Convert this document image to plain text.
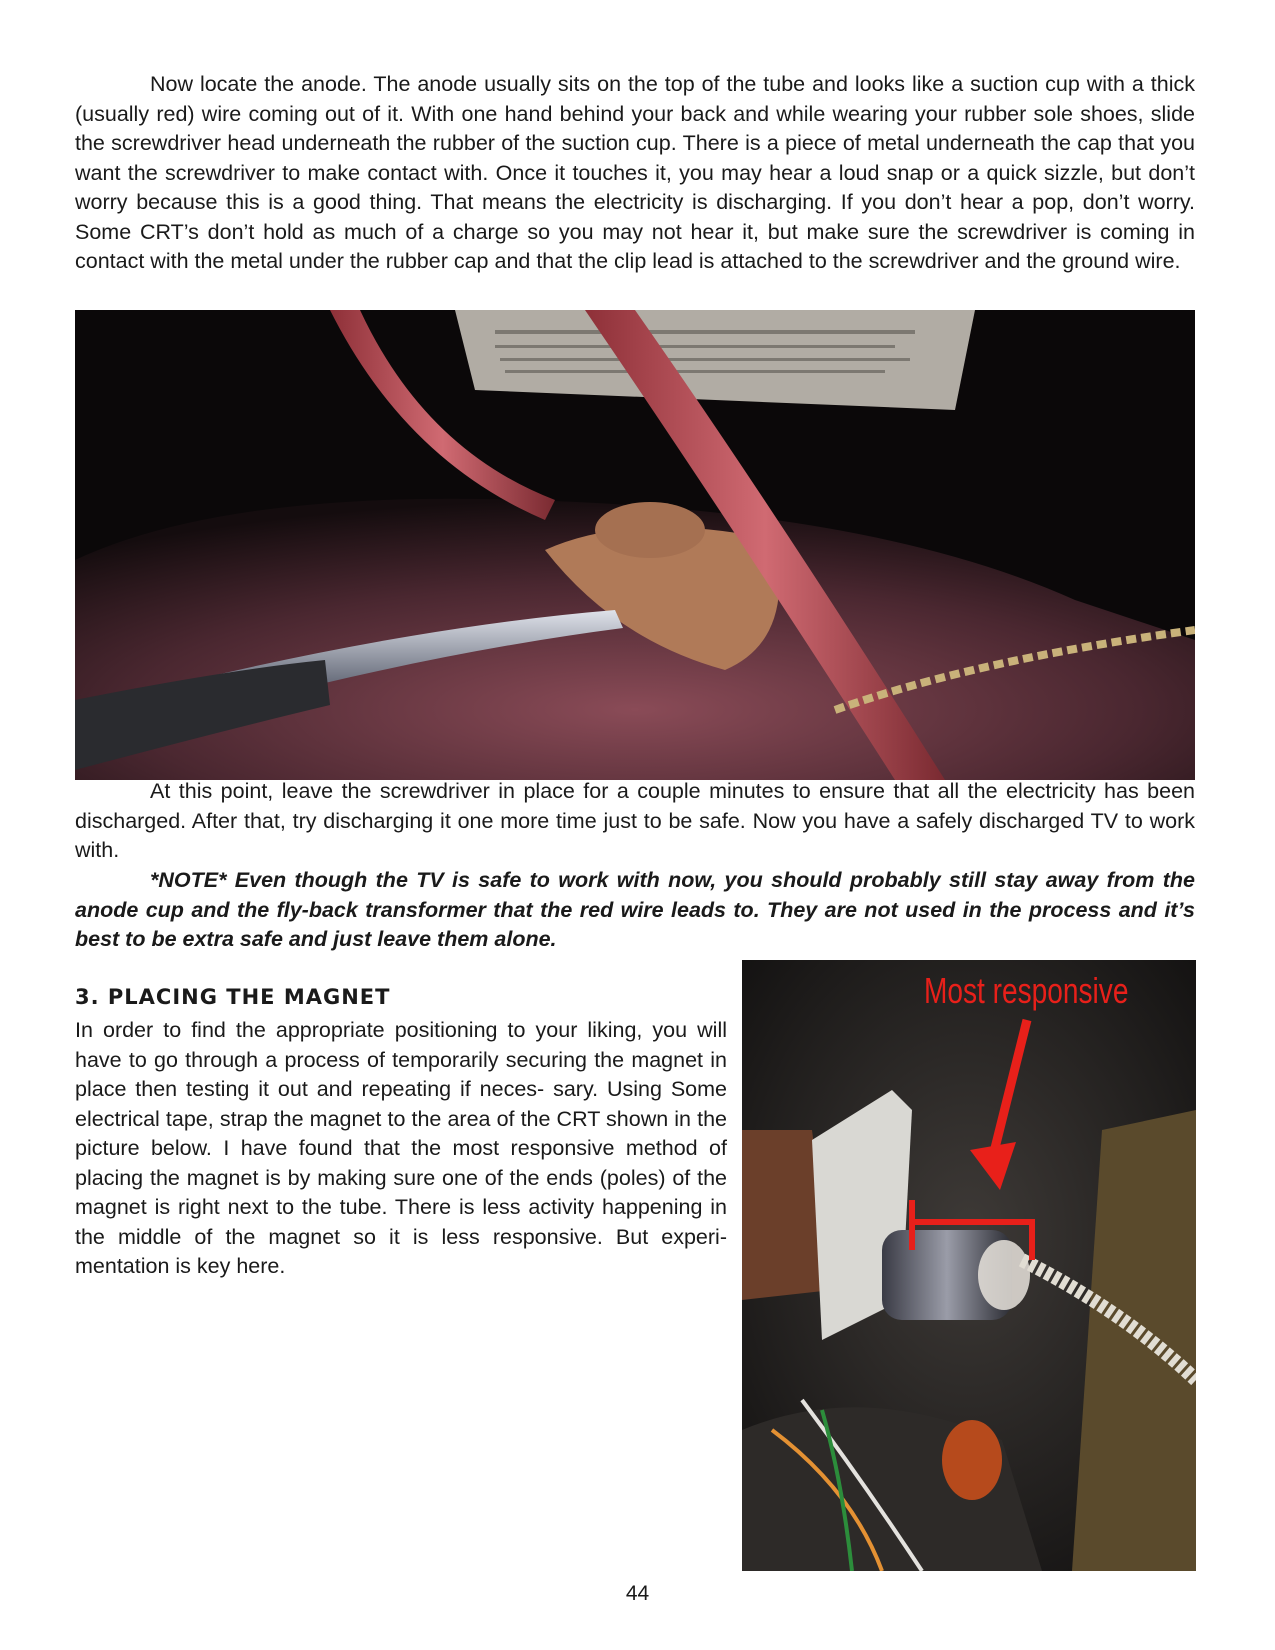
Now locate the anode. The anode usually sits on the top of the tube and looks like a suction cup with a thick (usually red) wire coming out of it. With one hand behind your back and while wearing your rubber sole shoes, slide the screwdriver head underneath the rubber of the suction cup. There is a piece of metal underneath the cap that you want the screwdriver to make contact with. Once it touches it, you may hear a loud snap or a quick sizzle, but don’t worry because this is a good thing. That means the electricity is discharging. If you don’t hear a pop, don’t worry. Some CRT’s don’t hold as much of a charge so you may not hear it, but make sure the screwdriver is coming in contact with the metal under the rubber cap and that the clip lead is attached to the screwdriver and the ground wire.

At this point, leave the screwdriver in place for a couple minutes to ensure that all the electricity has been discharged. After that, try discharging it one more time just to be safe. Now you have a safely discharged TV to work with.

*NOTE* Even though the TV is safe to work with now, you should probably still stay away from the anode cup and the fly-back transformer that the red wire leads to. They are not used in the process and it’s best to be extra safe and just leave them alone.

3. PLACING THE MAGNET

In order to find the appropriate positioning to your liking, you will have to go through a process of temporarily securing the magnet in place then testing it out and repeating if neces- sary. Using Some electrical tape, strap the magnet to the area of the CRT shown in the picture below. I have found that the most responsive method of placing the magnet is by making sure one of the ends (poles) of the magnet is right next to the tube. There is less activity happening in the middle of the magnet so it is less responsive. But experi- mentation is key here.

Most responsive
44
